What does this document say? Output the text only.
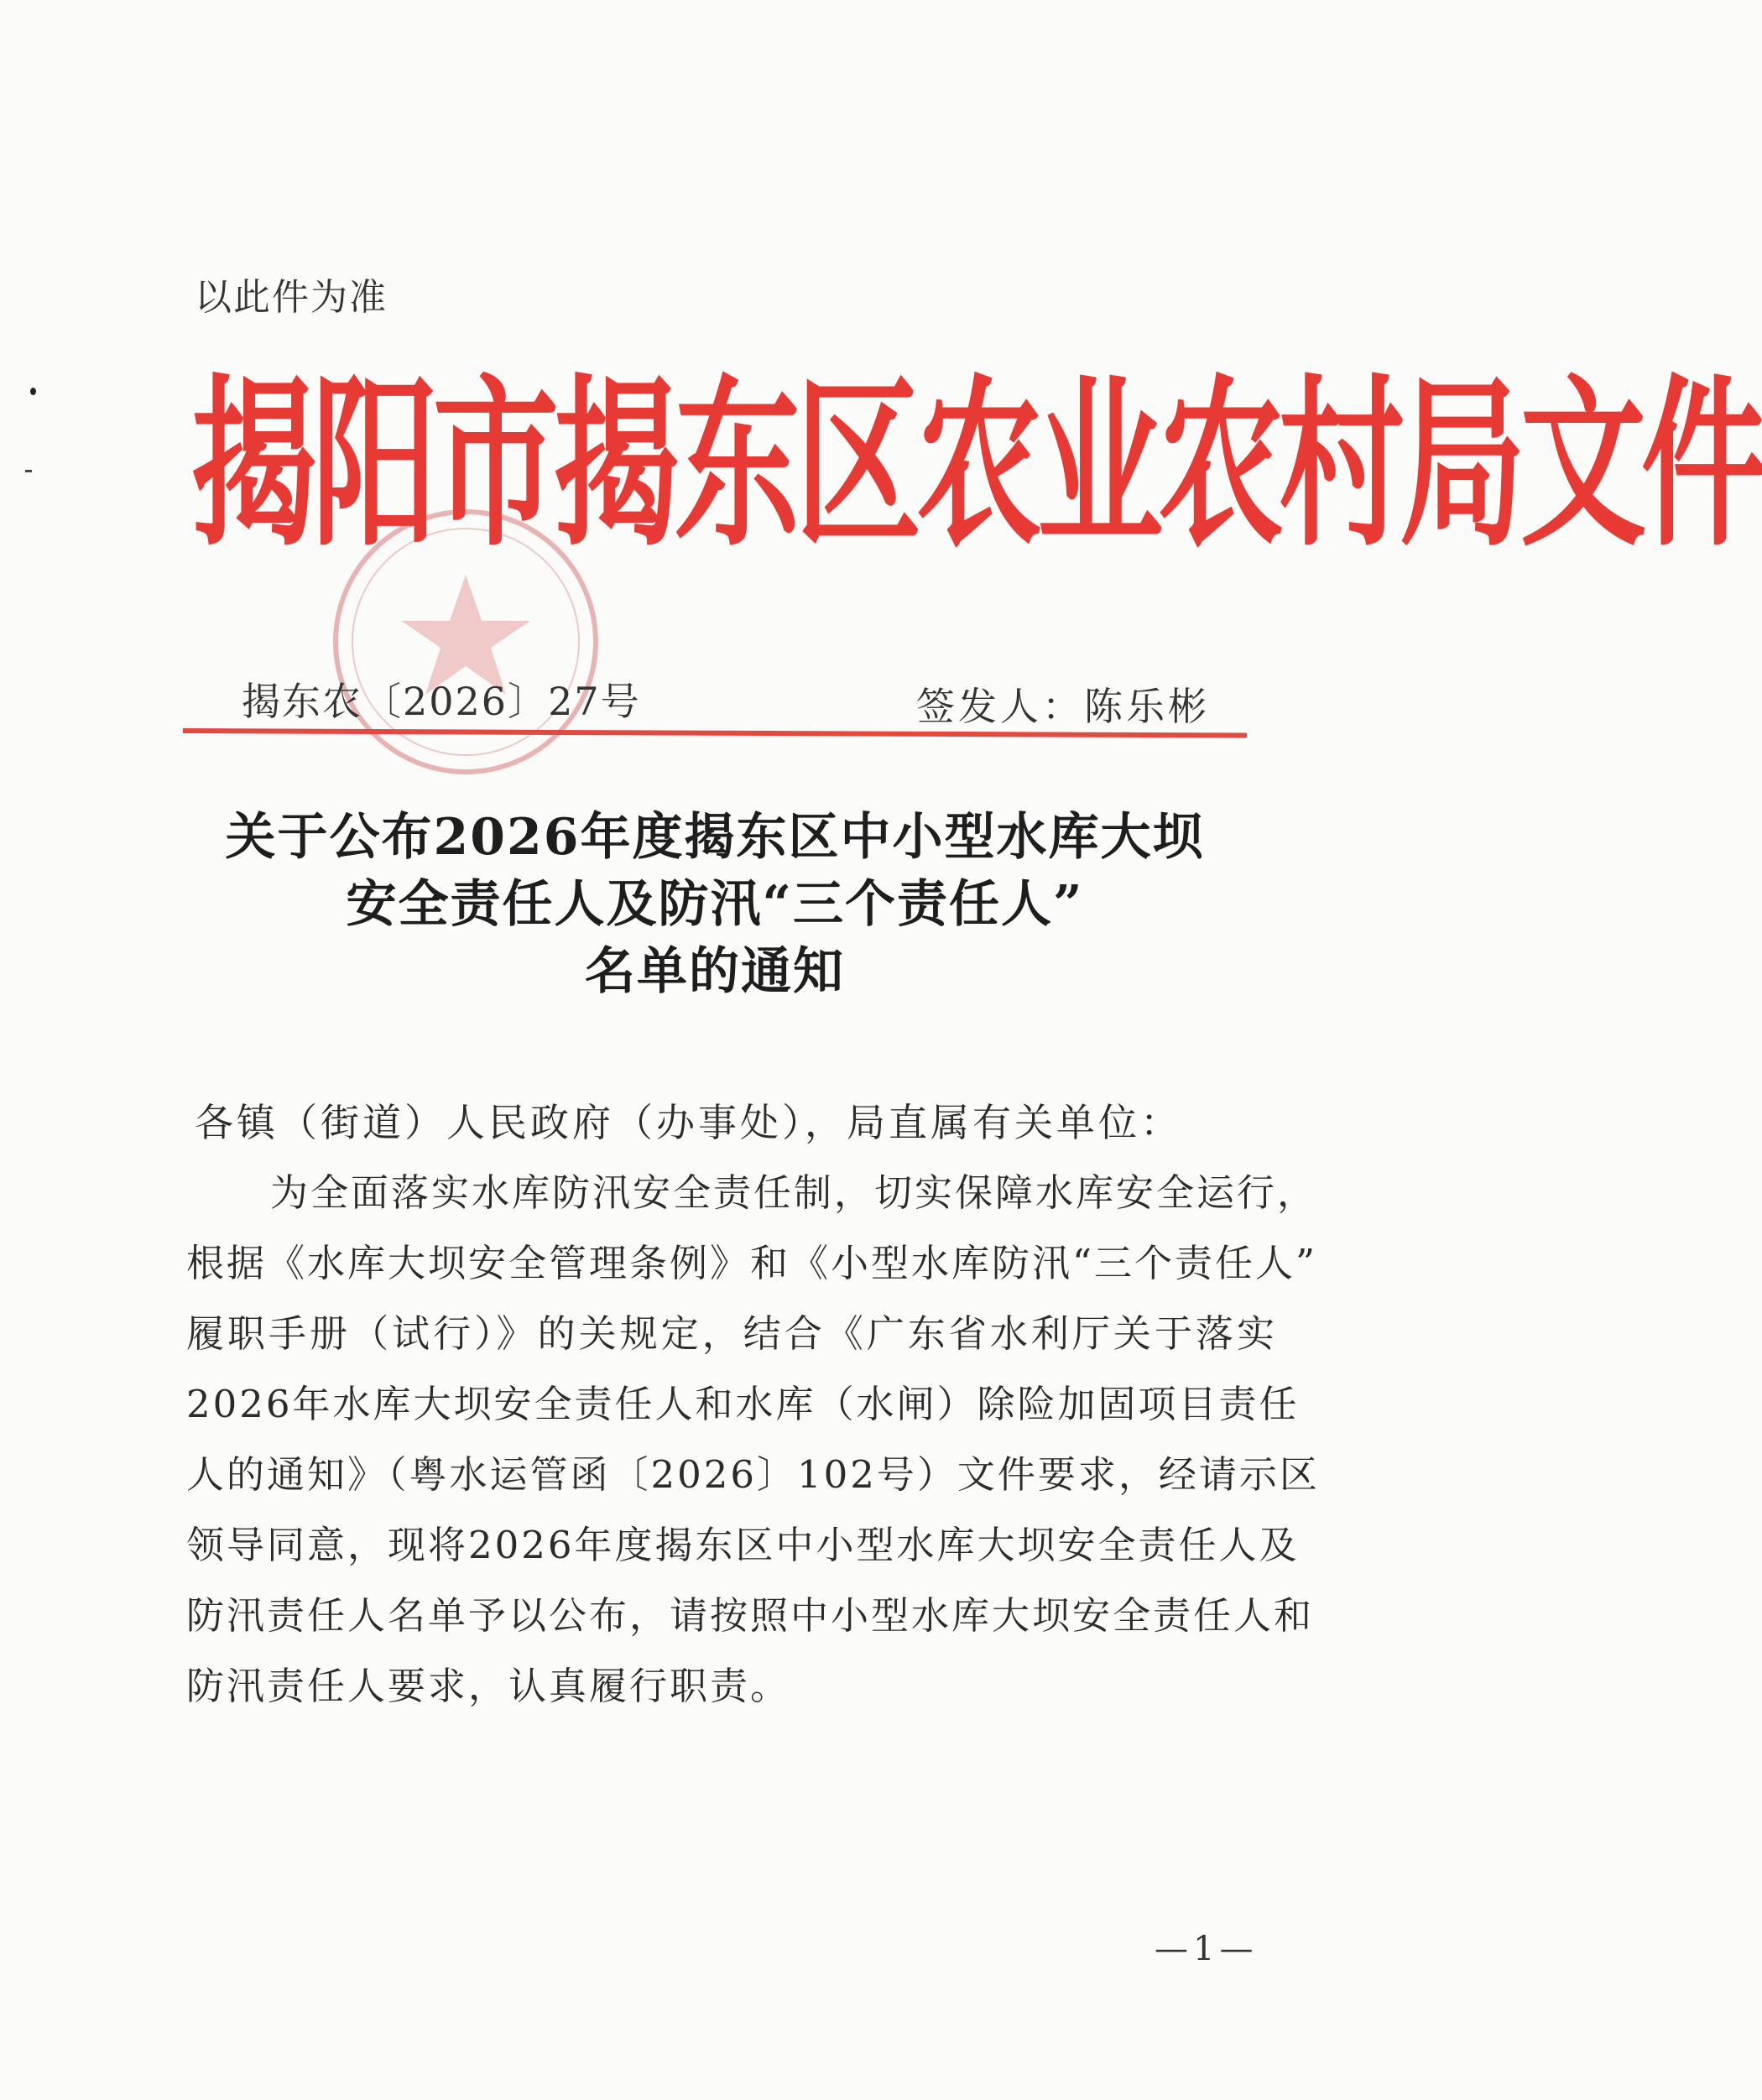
以此件为准
揭阳市揭东区农业农村局文件
揭东农〔2026〕27号	签发人：陈乐彬
关于公布2026年度揭东区中小型水库大坝
安全责任人及防汛“三个责任人”
名单的通知
各镇（街道）人民政府（办事处），局直属有关单位：
为全面落实水库防汛安全责任制，切实保障水库安全运行，
根据《水库大坝安全管理条例》和《小型水库防汛“三个责任人”
履职手册（试行）》的关规定，结合《广东省水利厅关于落实
2026年水库大坝安全责任人和水库（水闸）除险加固项目责任
人的通知》（粤水运管函〔2026〕102号）文件要求，经请示区
领导同意，现将2026年度揭东区中小型水库大坝安全责任人及
防汛责任人名单予以公布，请按照中小型水库大坝安全责任人和
防汛责任人要求，认真履行职责。
—1—
